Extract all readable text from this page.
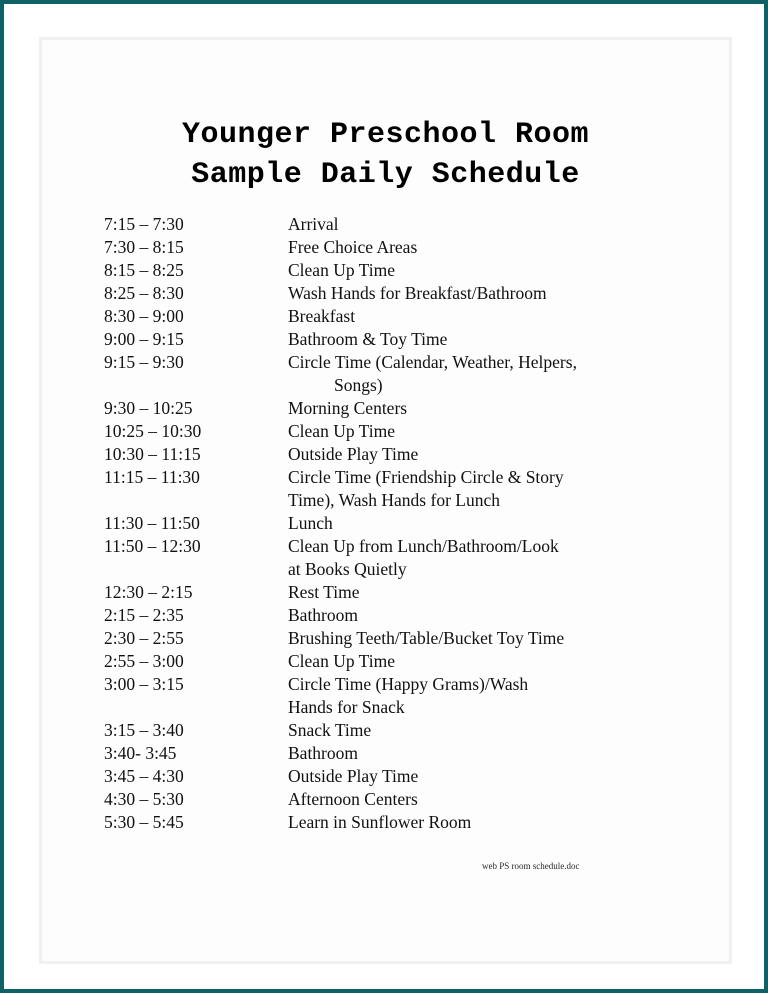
Younger Preschool Room
Sample Daily Schedule
7:15 – 7:30	Arrival
7:30 – 8:15	Free Choice Areas
8:15 – 8:25	Clean Up Time
8:25 – 8:30	Wash Hands for Breakfast/Bathroom
8:30 – 9:00	Breakfast
9:00 – 9:15	Bathroom & Toy Time
9:15 – 9:30	Circle Time (Calendar, Weather, Helpers,
Songs)
9:30 – 10:25	Morning Centers
10:25 – 10:30	Clean Up Time
10:30 – 11:15	Outside Play Time
11:15 – 11:30	Circle Time (Friendship Circle & Story
Time), Wash Hands for Lunch
11:30 – 11:50	Lunch
11:50 – 12:30	Clean Up from Lunch/Bathroom/Look
at Books Quietly
12:30 – 2:15	Rest Time
2:15 – 2:35	Bathroom
2:30 – 2:55	Brushing Teeth/Table/Bucket Toy Time
2:55 – 3:00	Clean Up Time
3:00 – 3:15	Circle Time (Happy Grams)/Wash
Hands for Snack
3:15 – 3:40	Snack Time
3:40- 3:45	Bathroom
3:45 – 4:30	Outside Play Time
4:30 – 5:30	Afternoon Centers
5:30 – 5:45	Learn in Sunflower Room
web PS room schedule.doc
